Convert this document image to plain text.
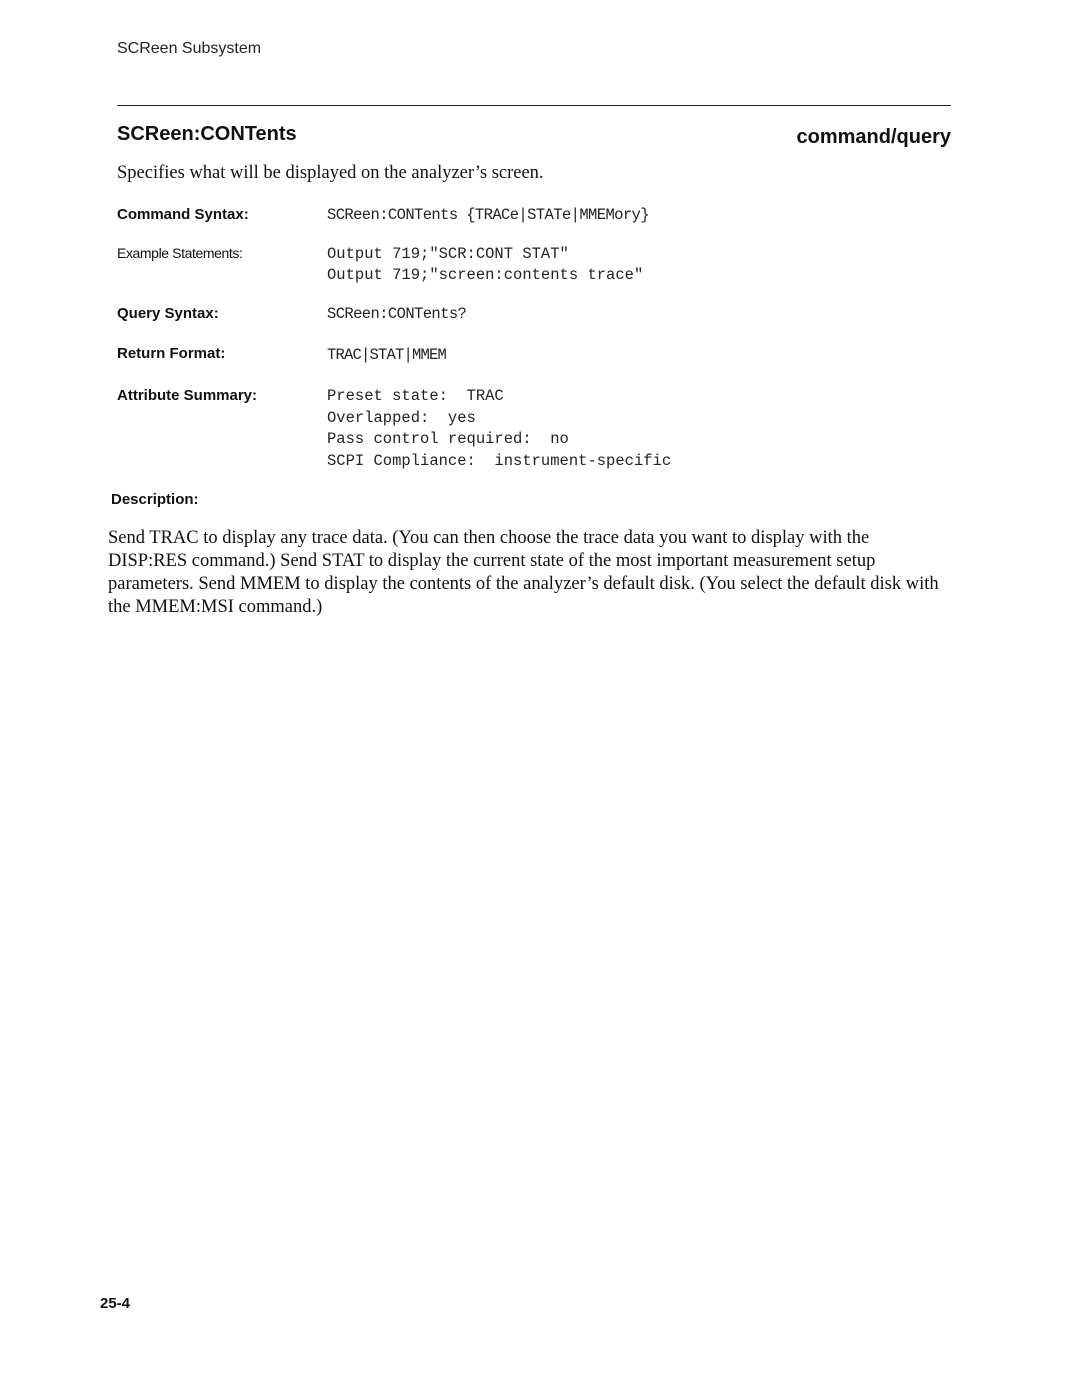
SCReen Subsystem
SCReen:CONTents	command/query
Specifies what will be displayed on the analyzer’s screen.
Command Syntax:	SCReen:CONTents {TRACe|STATe|MMEMory}
Example Statements:	Output 719;"SCR:CONT STAT"
Output 719;"screen:contents trace"
Query Syntax:	SCReen:CONTents?
Return Format:	TRAC|STAT|MMEM
Attribute Summary:	Preset state:  TRAC
Overlapped:  yes
Pass control required:  no
SCPI Compliance:  instrument-specific
Description:
Send TRAC to display any trace data. (You can then choose the trace data you want to display with the DISP:RES command.) Send STAT to display the current state of the most important measurement setup parameters. Send MMEM to display the contents of the analyzer’s default disk. (You select the default disk with the MMEM:MSI command.)
25-4
